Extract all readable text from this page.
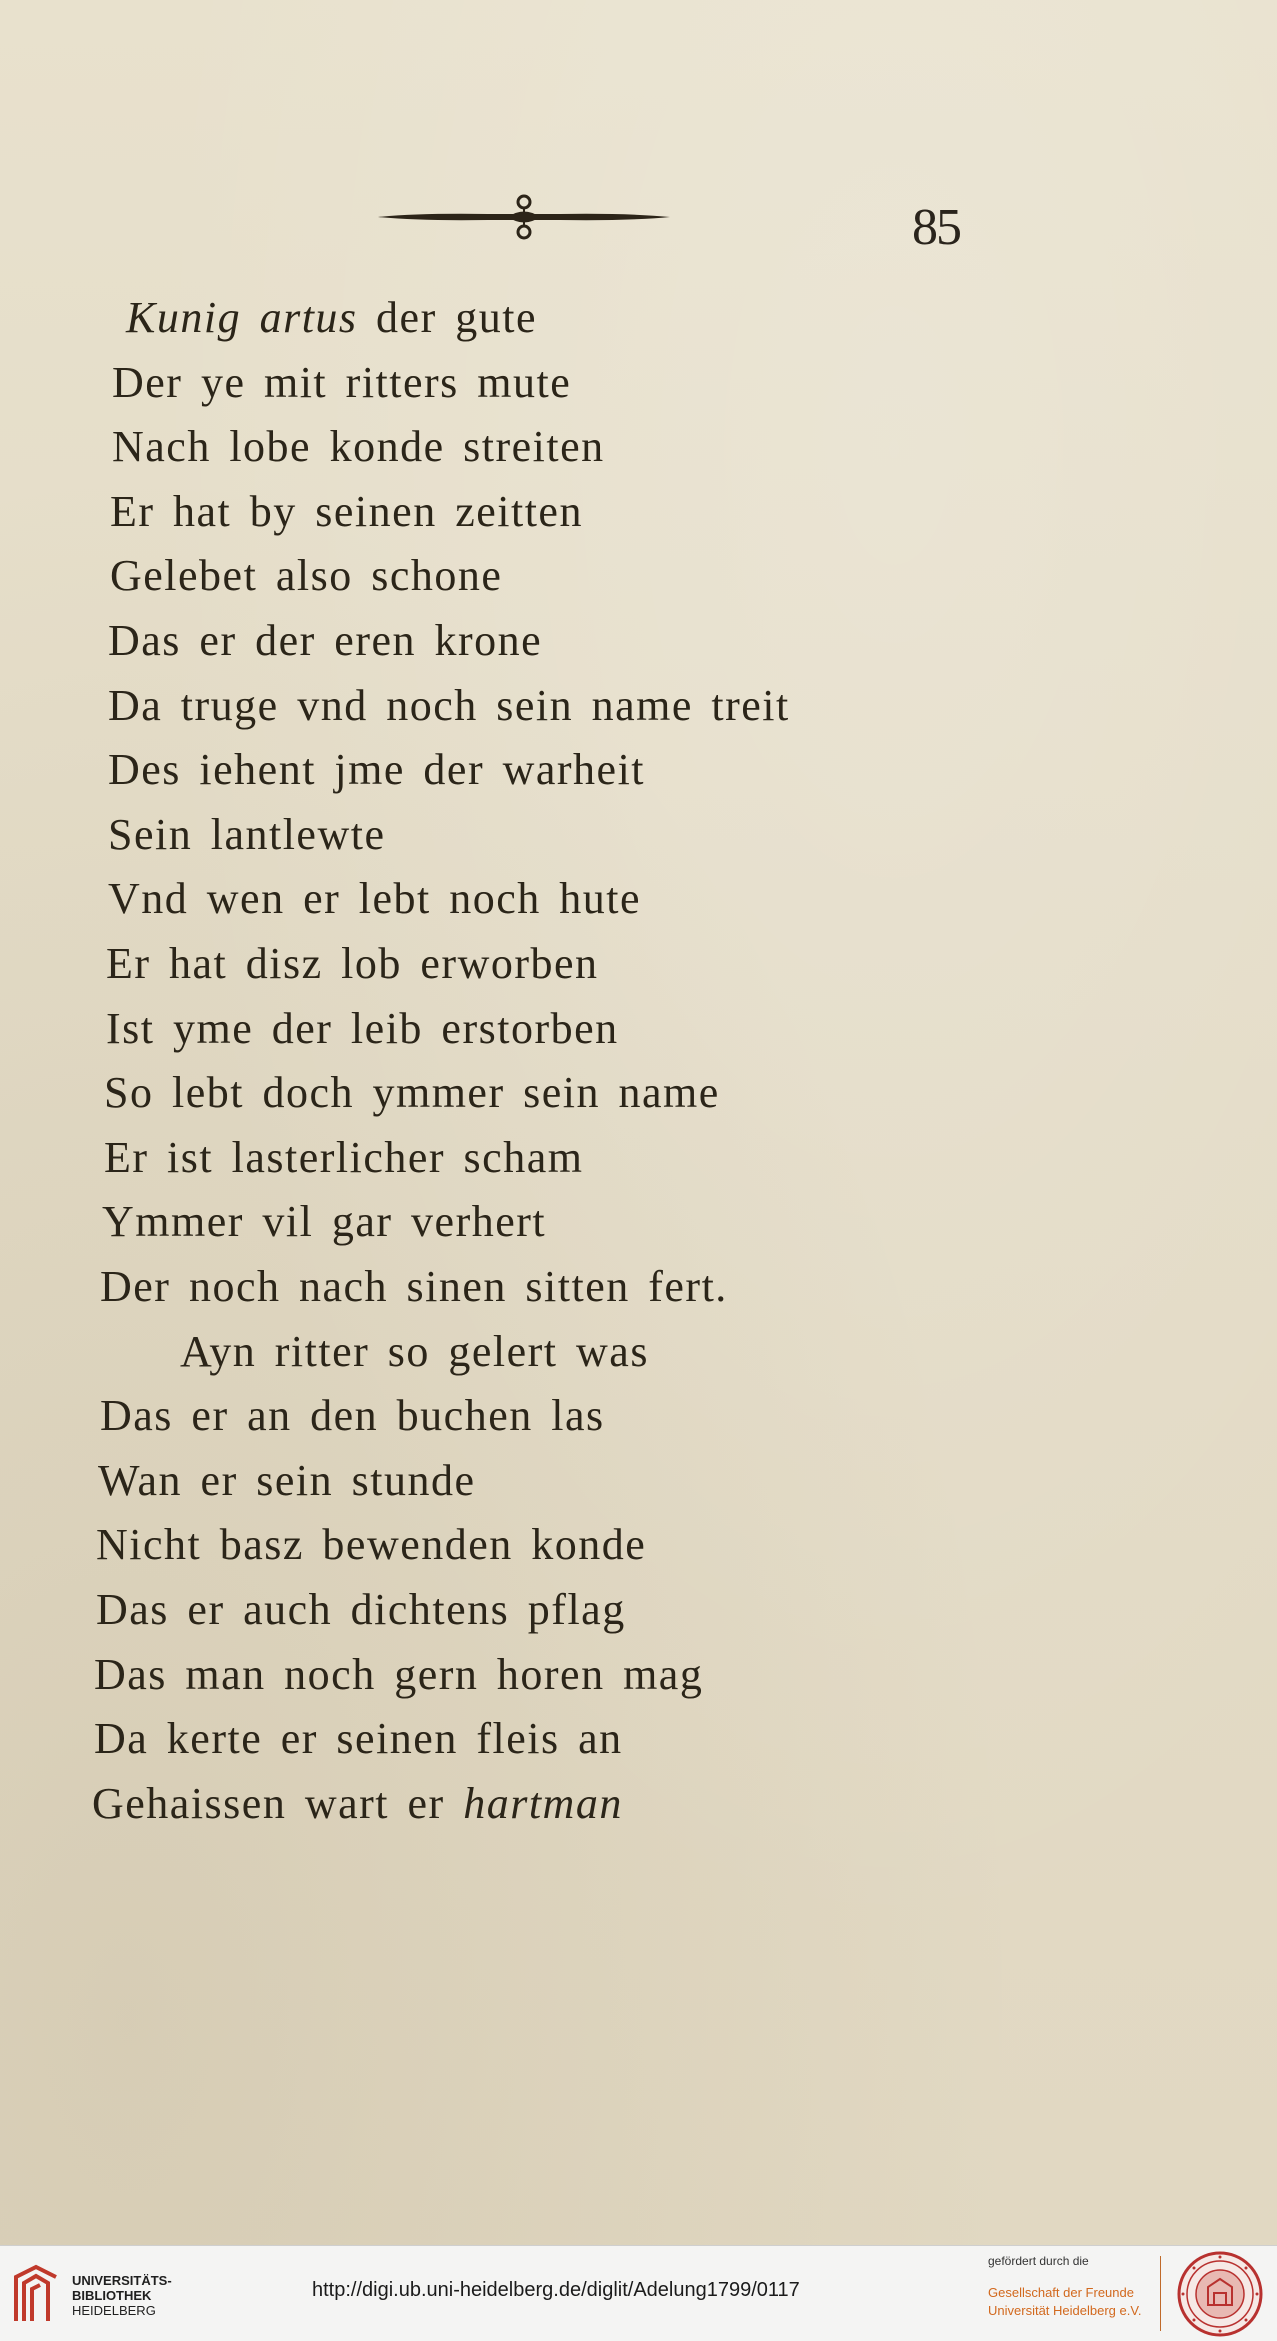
85
Kunig artus der gute
Der ye mit ritters mute
Nach lobe konde streiten
Er hat by seinen zeitten
Gelebet also schone
Das er der eren krone
Da truge vnd noch sein name treit
Des iehent jme der warheit
Sein lantlewte
Vnd wen er lebt noch hute
Er hat disz lob erworben
Ist yme der leib erstorben
So lebt doch ymmer sein name
Er ist lasterlicher scham
Ymmer vil gar verhert
Der noch nach sinen sitten fert.
Ayn ritter so gelert was
Das er an den buchen las
Wan er sein stunde
Nicht basz bewenden konde
Das er auch dichtens pflag
Das man noch gern horen mag
Da kerte er seinen fleis an
Gehaissen wart er hartman
UNIVERSITÄTS-
BIBLIOTHEK
HEIDELBERG
http://digi.ub.uni-heidelberg.de/diglit/Adelung1799/0117
gefördert durch die
Gesellschaft der Freunde
Universität Heidelberg e.V.
